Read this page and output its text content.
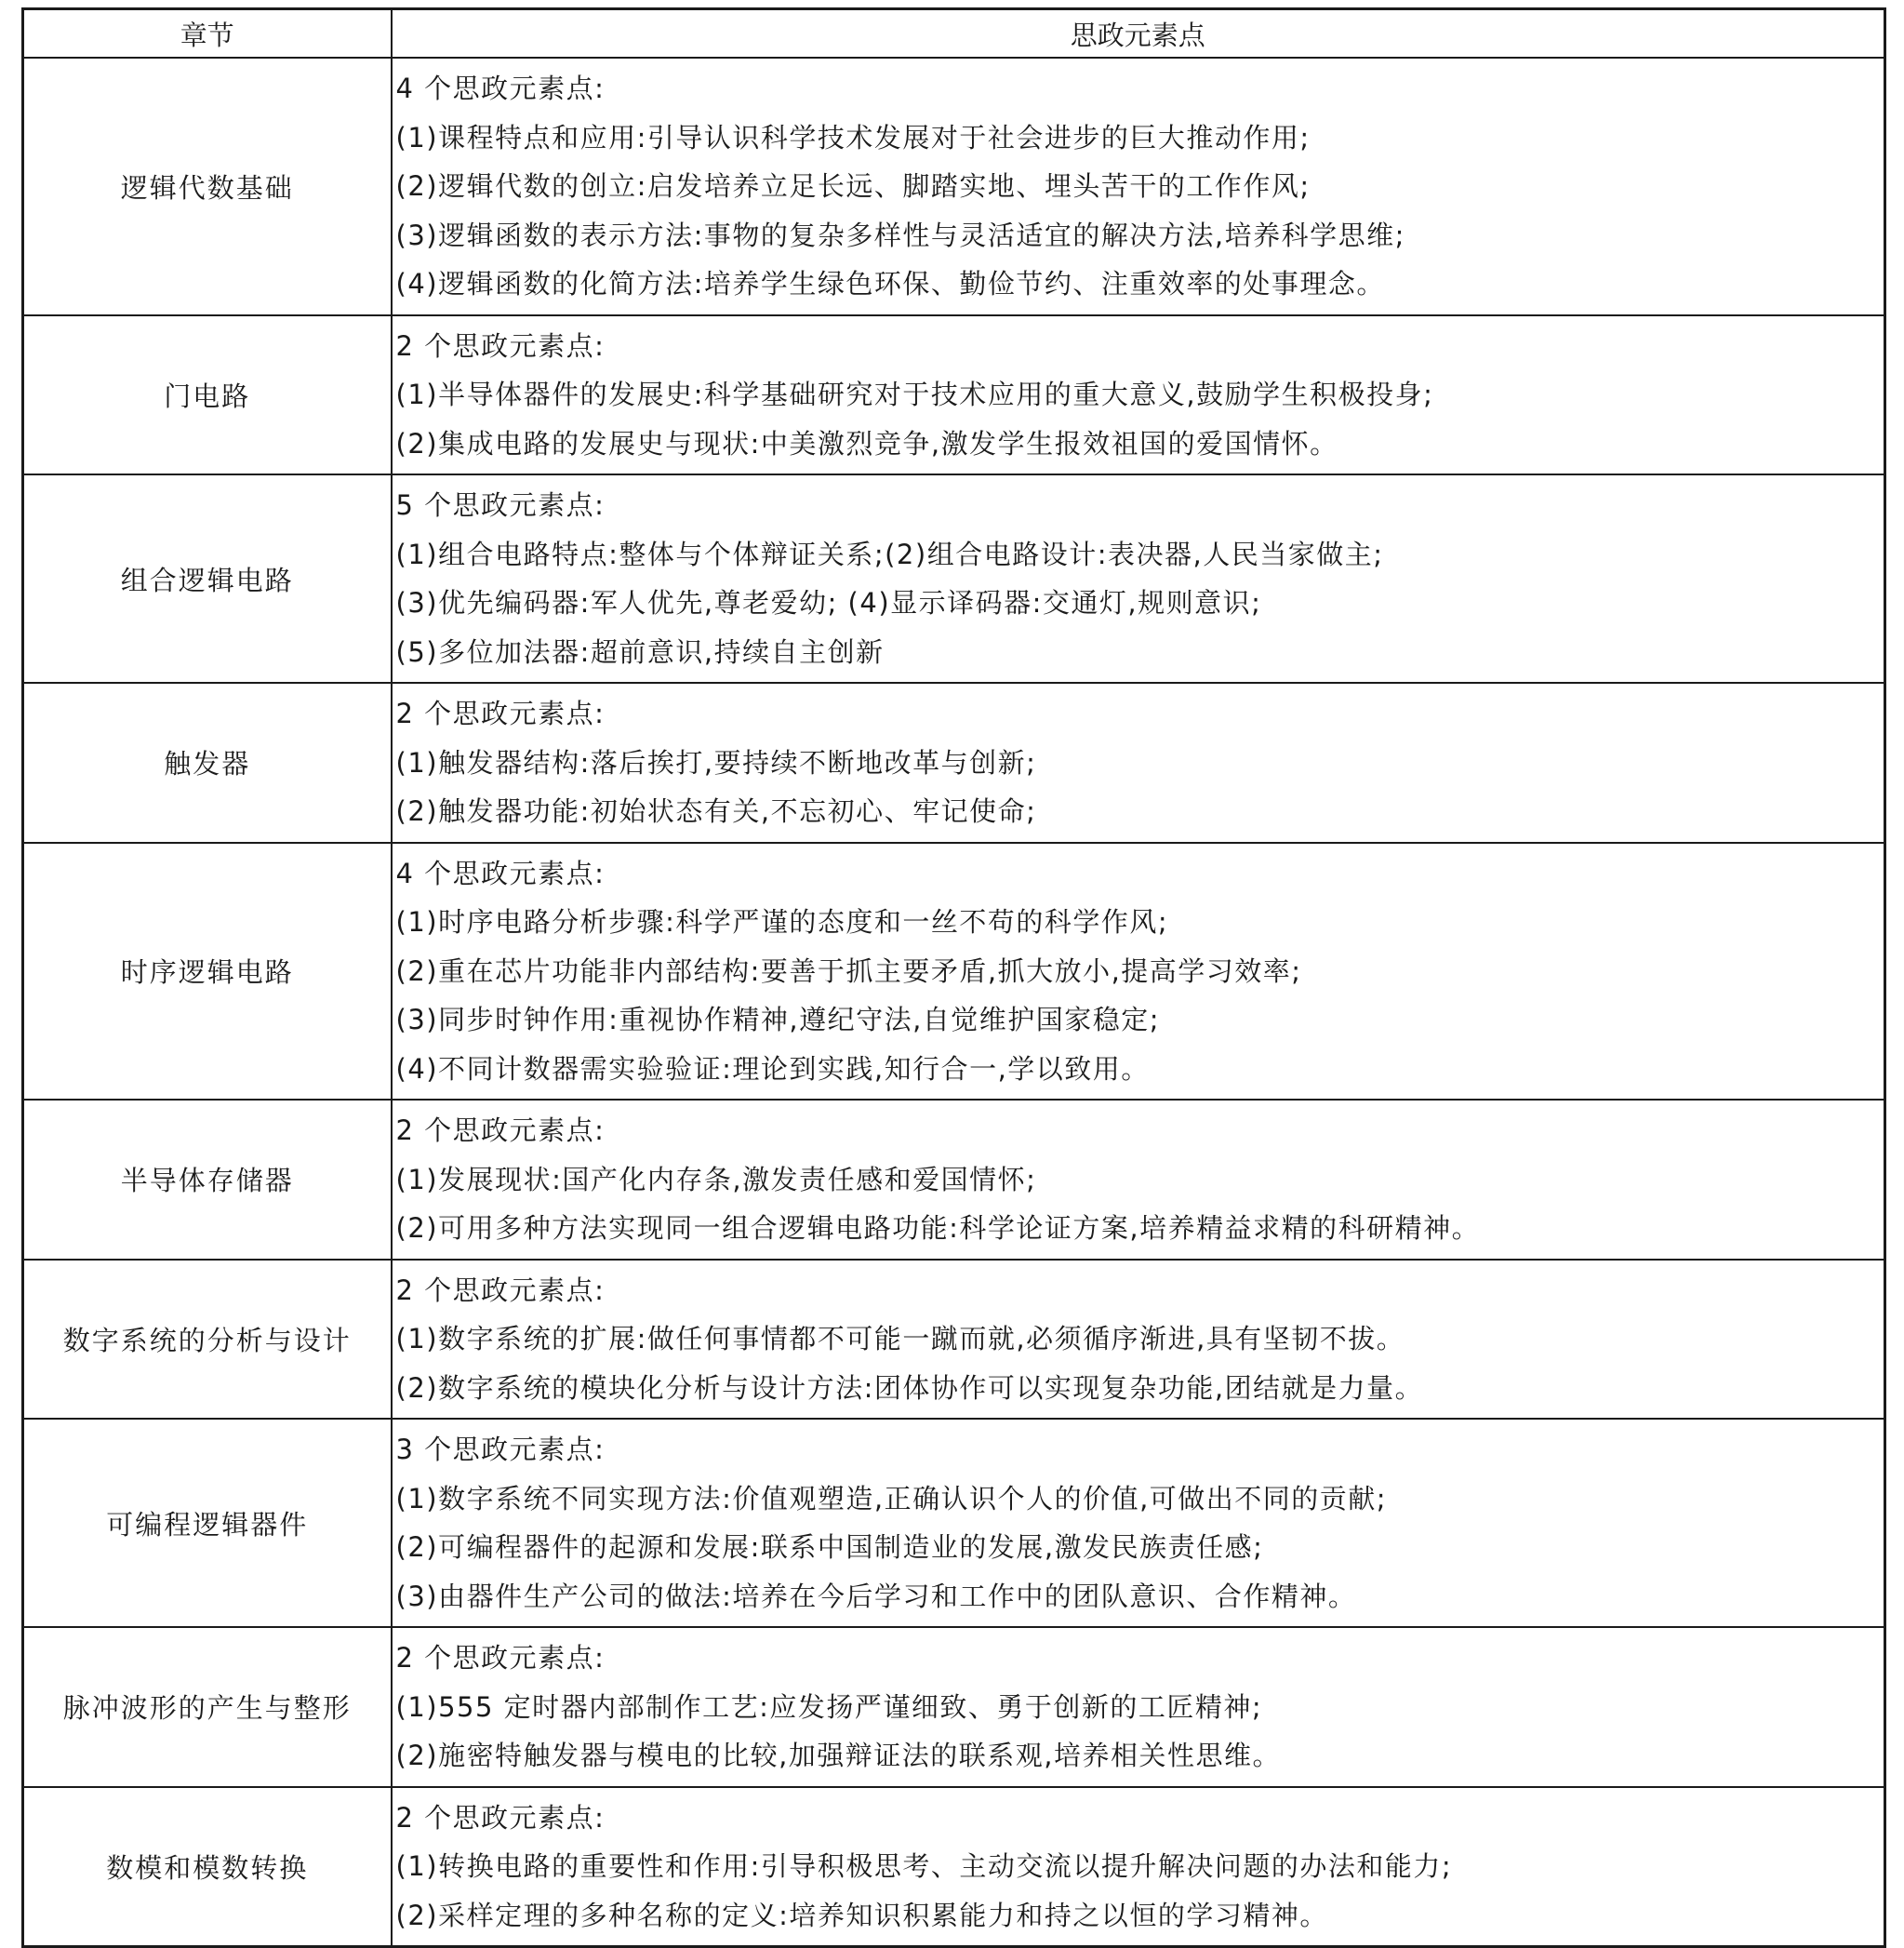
章节	思政元素点
逻辑代数基础	4 个思政元素点:
(1)课程特点和应用:引导认识科学技术发展对于社会进步的巨大推动作用;
(2)逻辑代数的创立:启发培养立足长远、脚踏实地、埋头苦干的工作作风;
(3)逻辑函数的表示方法:事物的复杂多样性与灵活适宜的解决方法,培养科学思维;
(4)逻辑函数的化简方法:培养学生绿色环保、勤俭节约、注重效率的处事理念。

门电路	2 个思政元素点:
(1)半导体器件的发展史:科学基础研究对于技术应用的重大意义,鼓励学生积极投身;
(2)集成电路的发展史与现状:中美激烈竞争,激发学生报效祖国的爱国情怀。

组合逻辑电路	5 个思政元素点:
(1)组合电路特点:整体与个体辩证关系;(2)组合电路设计:表决器,人民当家做主;
(3)优先编码器:军人优先,尊老爱幼; (4)显示译码器:交通灯,规则意识;
(5)多位加法器:超前意识,持续自主创新

触发器	2 个思政元素点:
(1)触发器结构:落后挨打,要持续不断地改革与创新;
(2)触发器功能:初始状态有关,不忘初心、牢记使命;

时序逻辑电路	4 个思政元素点:
(1)时序电路分析步骤:科学严谨的态度和一丝不苟的科学作风;
(2)重在芯片功能非内部结构:要善于抓主要矛盾,抓大放小,提高学习效率;
(3)同步时钟作用:重视协作精神,遵纪守法,自觉维护国家稳定;
(4)不同计数器需实验验证:理论到实践,知行合一,学以致用。

半导体存储器	2 个思政元素点:
(1)发展现状:国产化内存条,激发责任感和爱国情怀;
(2)可用多种方法实现同一组合逻辑电路功能:科学论证方案,培养精益求精的科研精神。

数字系统的分析与设计	2 个思政元素点:
(1)数字系统的扩展:做任何事情都不可能一蹴而就,必须循序渐进,具有坚韧不拔。
(2)数字系统的模块化分析与设计方法:团体协作可以实现复杂功能,团结就是力量。

可编程逻辑器件	3 个思政元素点:
(1)数字系统不同实现方法:价值观塑造,正确认识个人的价值,可做出不同的贡献;
(2)可编程器件的起源和发展:联系中国制造业的发展,激发民族责任感;
(3)由器件生产公司的做法:培养在今后学习和工作中的团队意识、合作精神。

脉冲波形的产生与整形	2 个思政元素点:
(1)555 定时器内部制作工艺:应发扬严谨细致、勇于创新的工匠精神;
(2)施密特触发器与模电的比较,加强辩证法的联系观,培养相关性思维。

数模和模数转换	2 个思政元素点:
(1)转换电路的重要性和作用:引导积极思考、主动交流以提升解决问题的办法和能力;
(2)采样定理的多种名称的定义:培养知识积累能力和持之以恒的学习精神。
